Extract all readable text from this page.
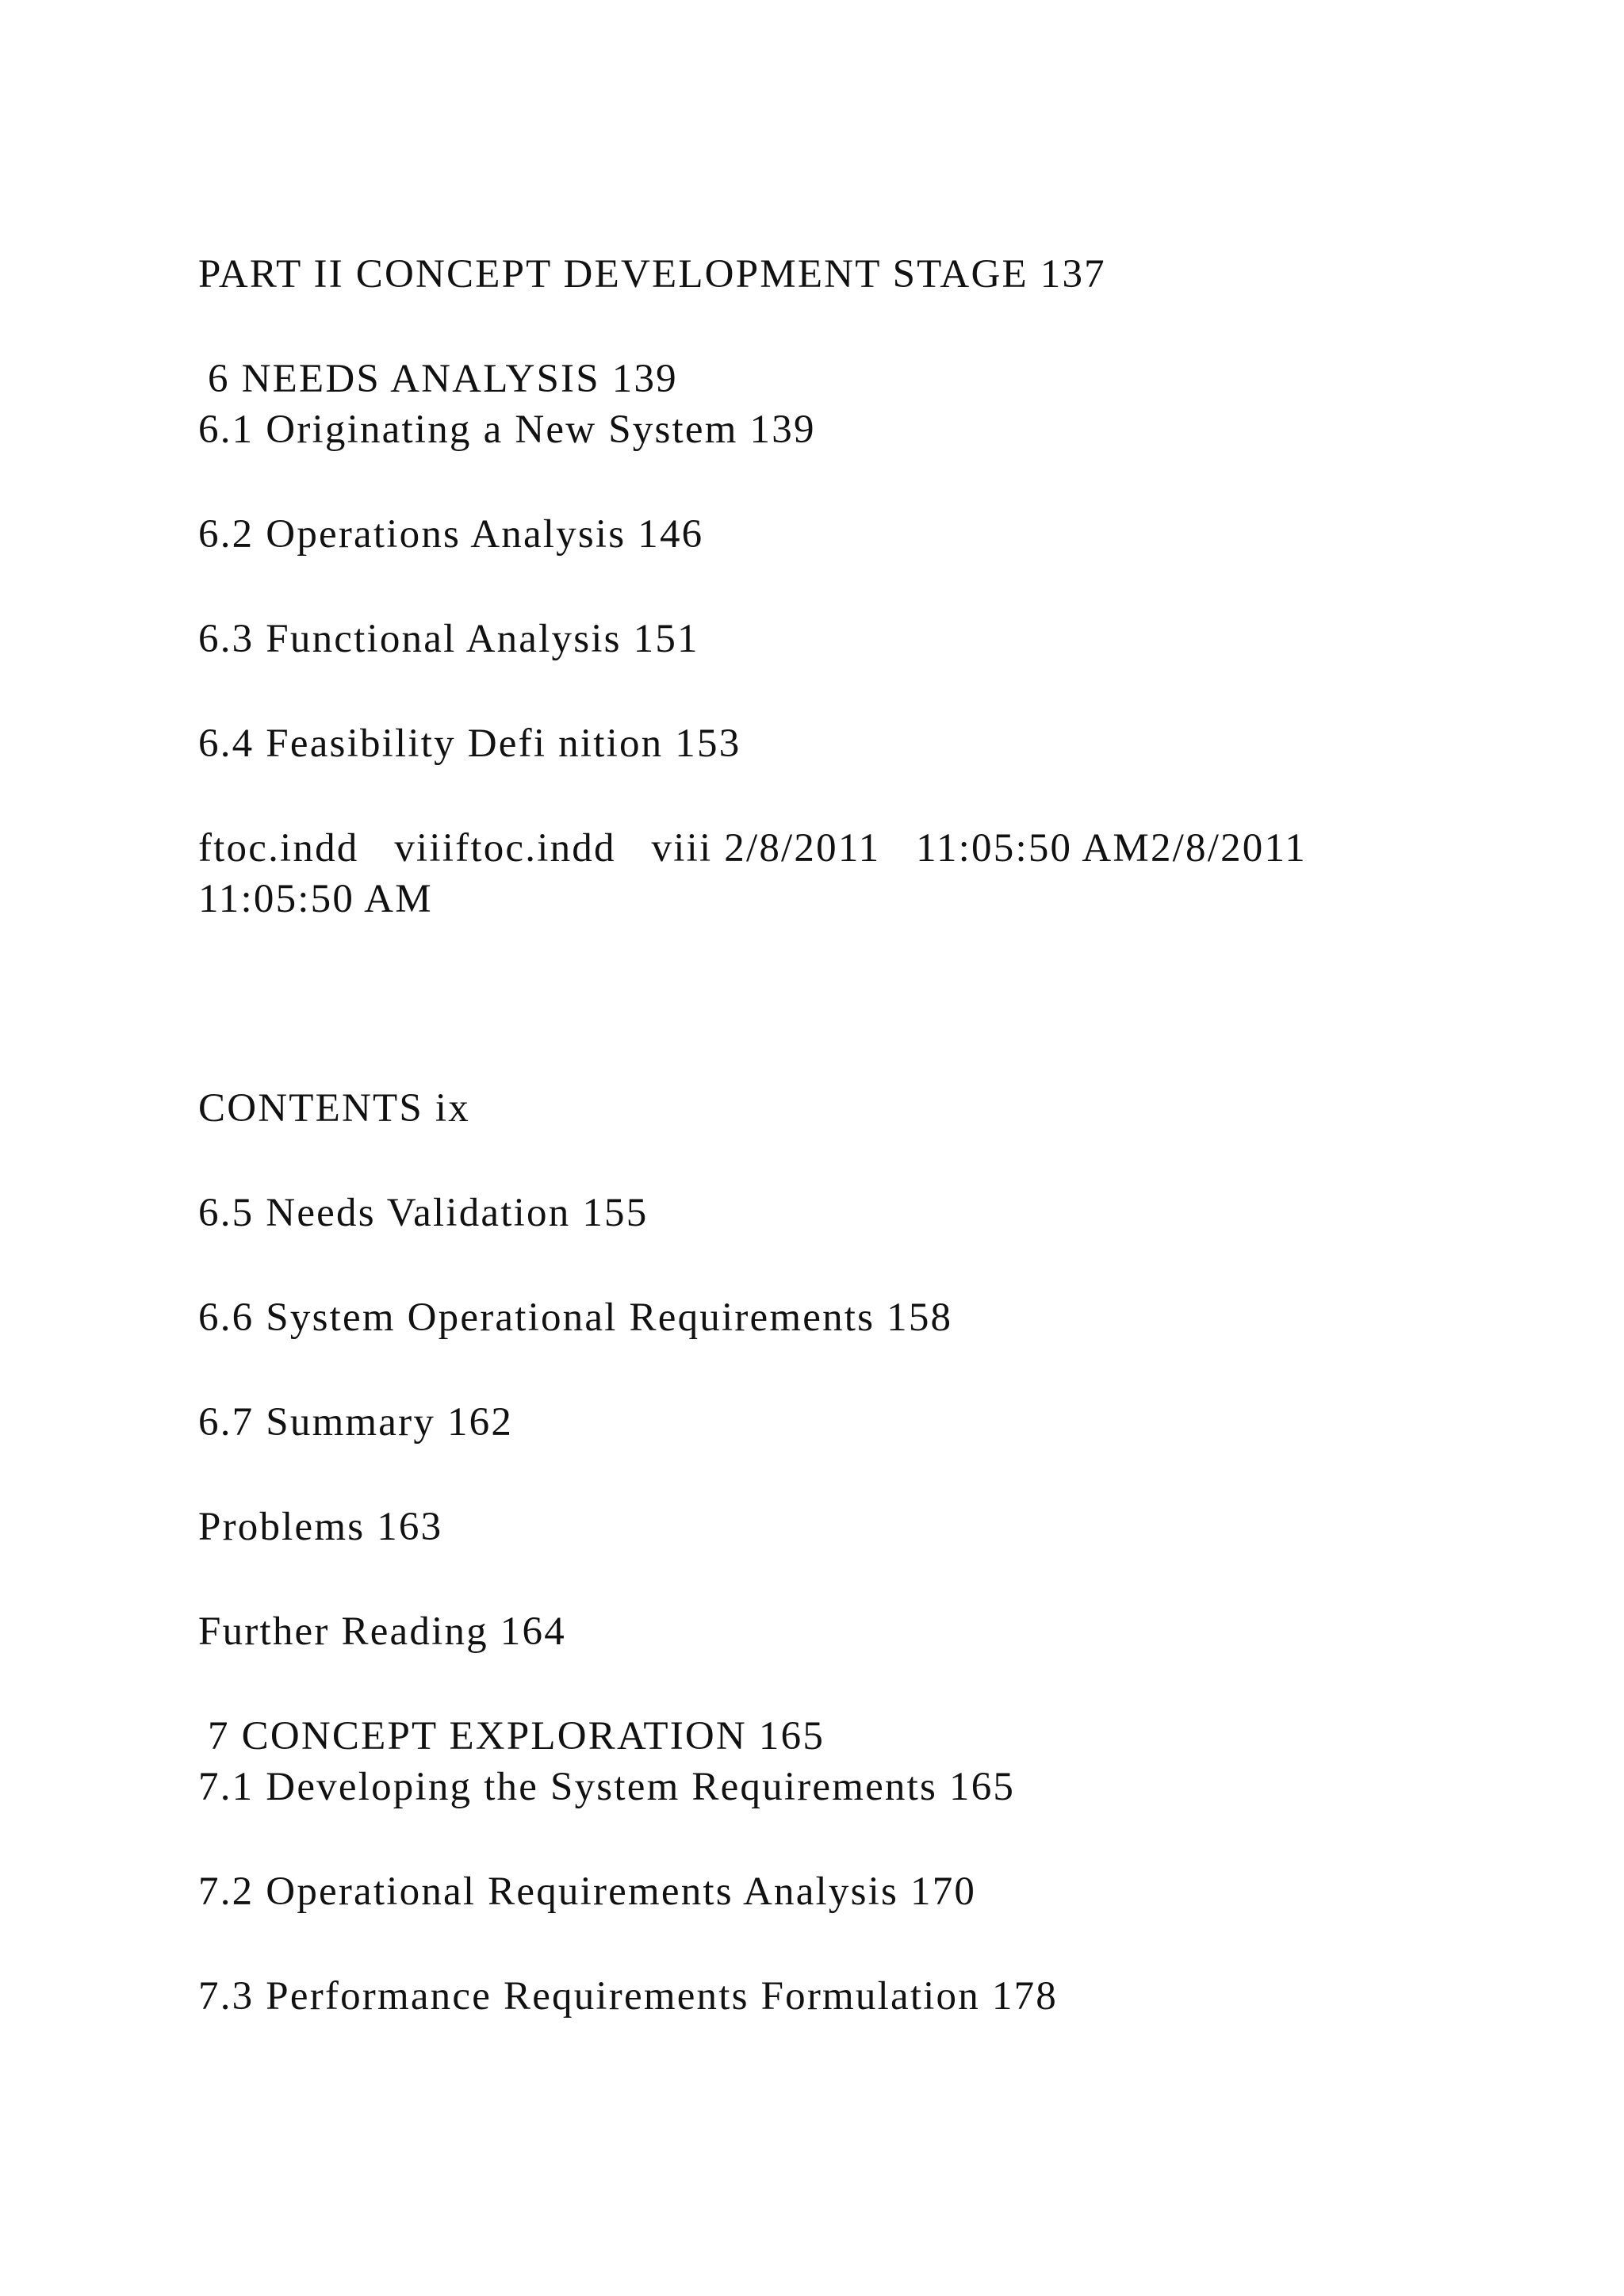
PART II CONCEPT DEVELOPMENT STAGE 137
6 NEEDS ANALYSIS 139
6.1 Originating a New System 139
6.2 Operations Analysis 146
6.3 Functional Analysis 151
6.4 Feasibility Defi nition 153
ftoc.indd   viiiftoc.indd   viii 2/8/2011   11:05:50 AM2/8/2011
11:05:50 AM
CONTENTS ix
6.5 Needs Validation 155
6.6 System Operational Requirements 158
6.7 Summary 162
Problems 163
Further Reading 164
7 CONCEPT EXPLORATION 165
7.1 Developing the System Requirements 165
7.2 Operational Requirements Analysis 170
7.3 Performance Requirements Formulation 178
